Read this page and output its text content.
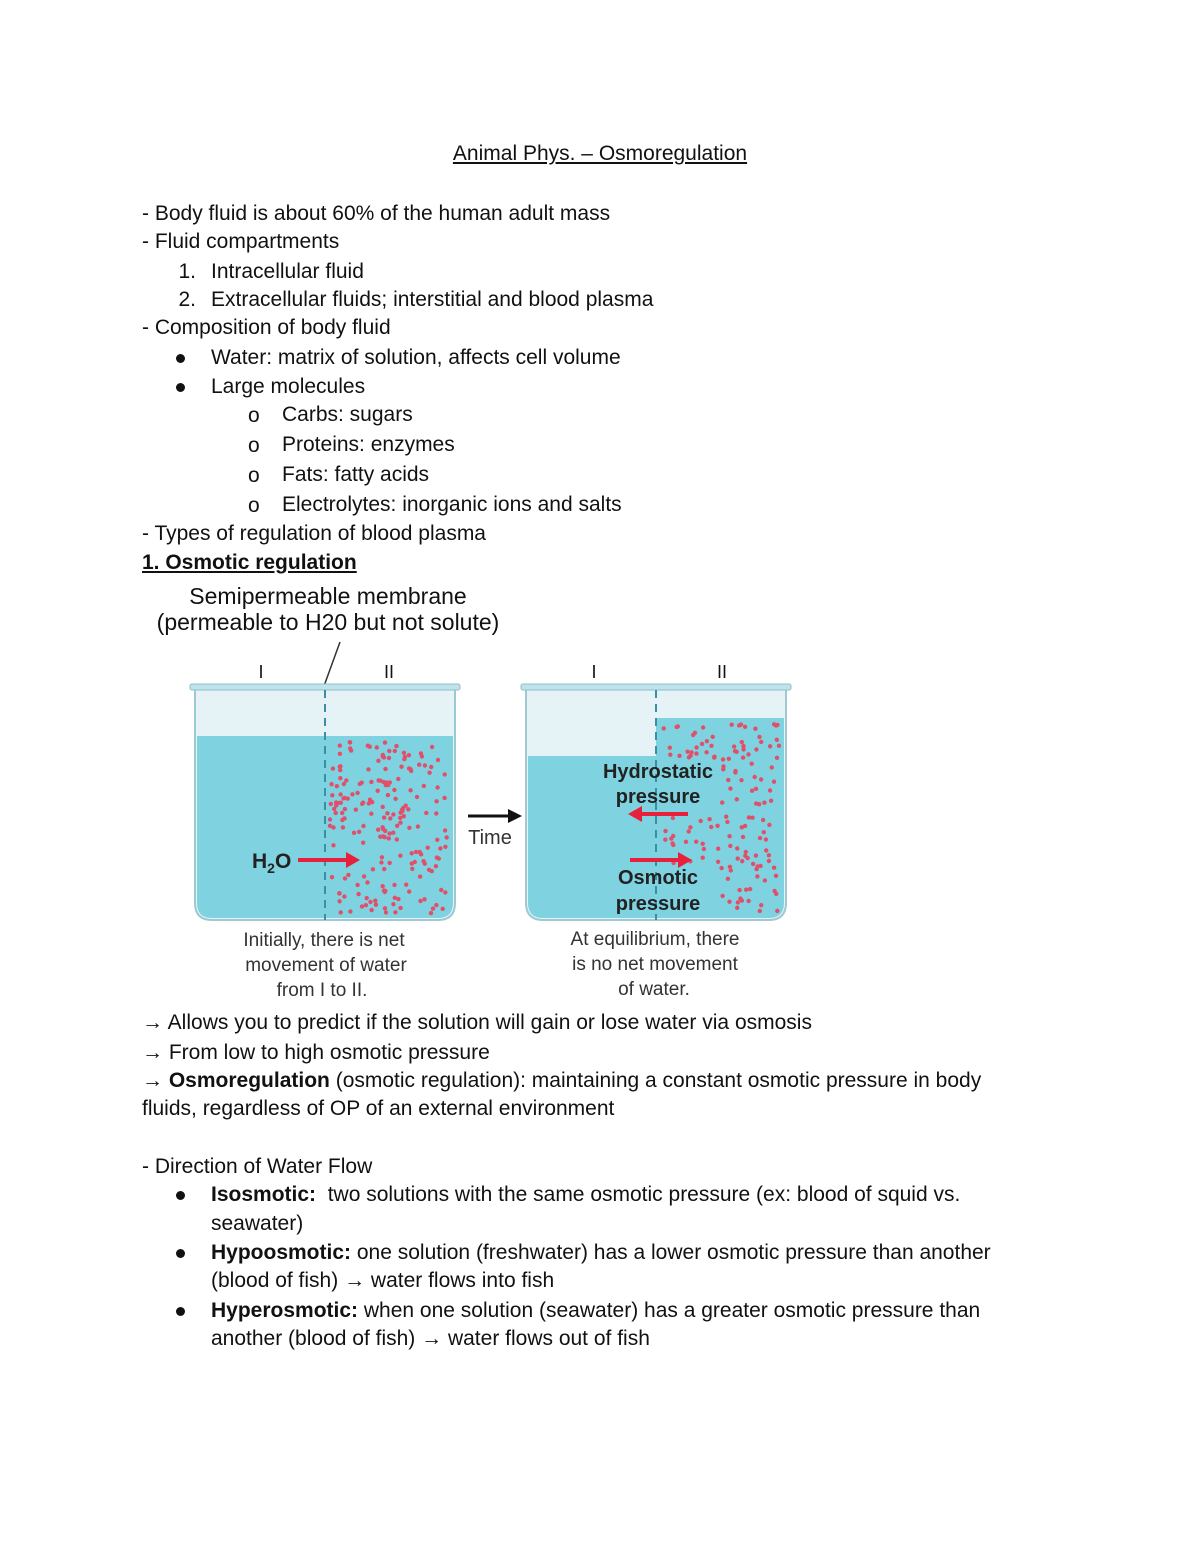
Animal Phys. – Osmoregulation
- Body fluid is about 60% of the human adult mass
- Fluid compartments
1. Intracellular fluid
2. Extracellular fluids; interstitial and blood plasma
- Composition of body fluid
Water: matrix of solution, affects cell volume
Large molecules
o Carbs: sugars
o Proteins: enzymes
o Fats: fatty acids
o Electrolytes: inorganic ions and salts
- Types of regulation of blood plasma
1. Osmotic regulation
Semipermeable membrane
(permeable to H20 but not solute)
I	II	I	II
$H_2O$
Time
Hydrostatic
pressure
Osmotic
pressure
Initially, there is net
movement of water
from I to II.
At equilibrium, there
is no net movement
of water.
→ Allows you to predict if the solution will gain or lose water via osmosis
→ From low to high osmotic pressure
→ Osmoregulation (osmotic regulation): maintaining a constant osmotic pressure in body
fluids, regardless of OP of an external environment
- Direction of Water Flow
Isosmotic:  two solutions with the same osmotic pressure (ex: blood of squid vs.
seawater)
Hypoosmotic: one solution (freshwater) has a lower osmotic pressure than another
(blood of fish) → water flows into fish
Hyperosmotic: when one solution (seawater) has a greater osmotic pressure than
another (blood of fish) → water flows out of fish
